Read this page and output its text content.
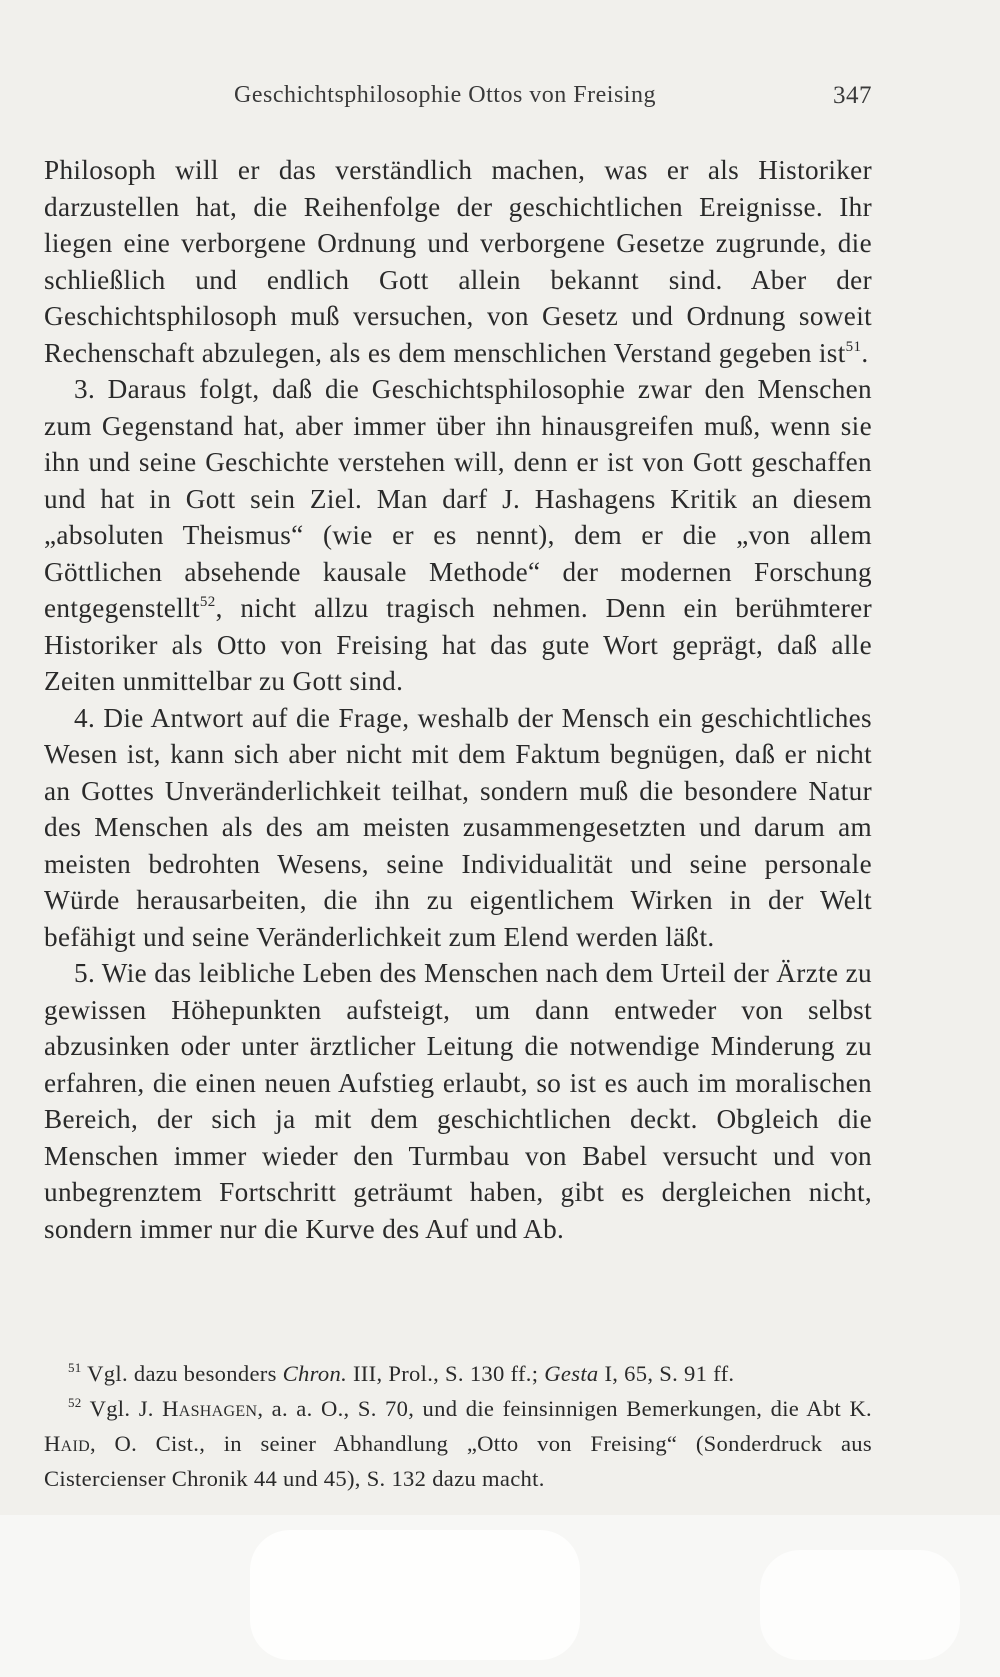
Geschichtsphilosophie Ottos von Freising	347

Philosoph will er das verständlich machen, was er als Historiker darzustellen hat, die Reihenfolge der geschichtlichen Ereignisse. Ihr liegen eine verborgene Ordnung und verborgene Gesetze zugrunde, die schließlich und endlich Gott allein bekannt sind. Aber der Geschichtsphilosoph muß versuchen, von Gesetz und Ordnung soweit Rechenschaft abzulegen, als es dem menschlichen Verstand gegeben ist$^{51}$.

3. Daraus folgt, daß die Geschichtsphilosophie zwar den Menschen zum Gegenstand hat, aber immer über ihn hinausgreifen muß, wenn sie ihn und seine Geschichte verstehen will, denn er ist von Gott geschaffen und hat in Gott sein Ziel. Man darf J. Hashagens Kritik an diesem „absoluten Theismus“ (wie er es nennt), dem er die „von allem Göttlichen absehende kausale Methode“ der modernen Forschung entgegenstellt$^{52}$, nicht allzu tragisch nehmen. Denn ein berühmterer Historiker als Otto von Freising hat das gute Wort geprägt, daß alle Zeiten unmittelbar zu Gott sind.

4. Die Antwort auf die Frage, weshalb der Mensch ein geschichtliches Wesen ist, kann sich aber nicht mit dem Faktum begnügen, daß er nicht an Gottes Unveränderlichkeit teilhat, sondern muß die besondere Natur des Menschen als des am meisten zusammengesetzten und darum am meisten bedrohten Wesens, seine Individualität und seine personale Würde herausarbeiten, die ihn zu eigentlichem Wirken in der Welt befähigt und seine Veränderlichkeit zum Elend werden läßt.

5. Wie das leibliche Leben des Menschen nach dem Urteil der Ärzte zu gewissen Höhepunkten aufsteigt, um dann entweder von selbst abzusinken oder unter ärztlicher Leitung die notwendige Minderung zu erfahren, die einen neuen Aufstieg erlaubt, so ist es auch im moralischen Bereich, der sich ja mit dem geschichtlichen deckt. Obgleich die Menschen immer wieder den Turmbau von Babel versucht und von unbegrenztem Fortschritt geträumt haben, gibt es dergleichen nicht, sondern immer nur die Kurve des Auf und Ab.

$^{51}$ Vgl. dazu besonders Chron. III, Prol., S. 130 ff.; Gesta I, 65, S. 91 ff.

$^{52}$ Vgl. J. Hashagen, a. a. O., S. 70, und die feinsinnigen Bemerkungen, die Abt K. Haid, O. Cist., in seiner Abhandlung „Otto von Freising“ (Sonderdruck aus Cistercienser Chronik 44 und 45), S. 132 dazu macht.
